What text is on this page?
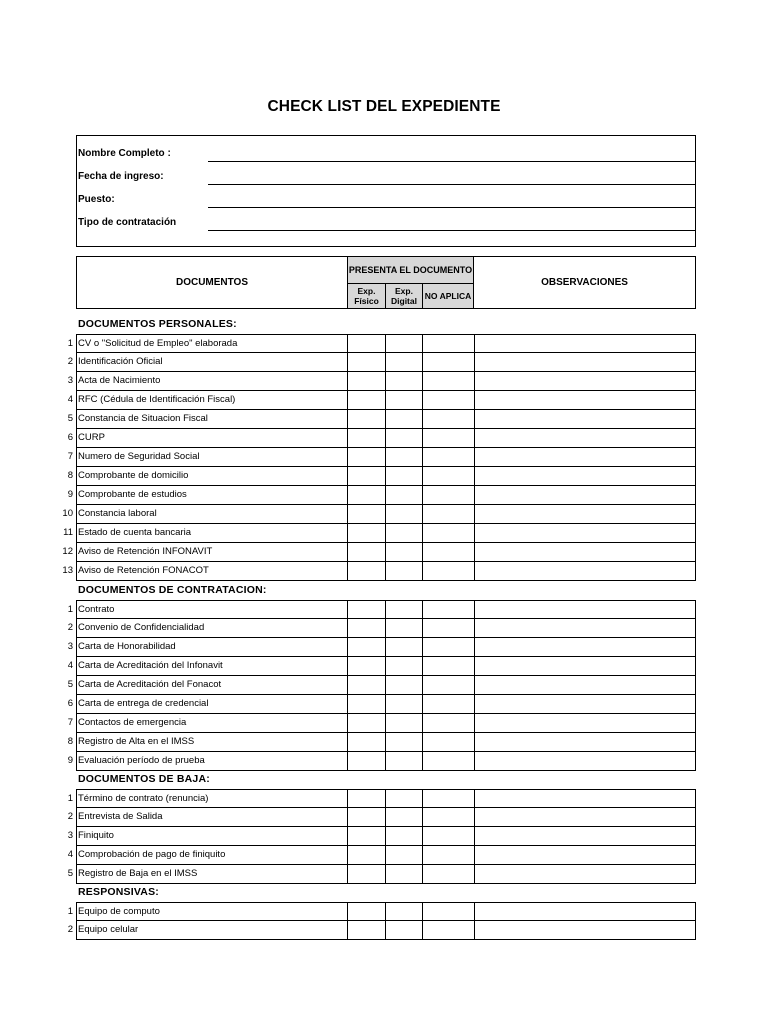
CHECK LIST DEL EXPEDIENTE
Nombre Completo :
Fecha de ingreso:
Puesto:
Tipo de contratación
DOCUMENTOS
PRESENTA EL DOCUMENTO
Exp. Físico
Exp. Digital NO APLICA
OBSERVACIONES
DOCUMENTOS PERSONALES:
1 CV o "Solicitud de Empleo" elaborada
2 Identificación Oficial
3 Acta de Nacimiento
4 RFC (Cédula de Identificación Fiscal)
5 Constancia de Situacion Fiscal
6 CURP
7 Numero de Seguridad Social
8 Comprobante de domicilio
9 Comprobante de estudios
10 Constancia laboral
11 Estado de cuenta bancaria
12 Aviso de Retención INFONAVIT
13 Aviso de Retención FONACOT
DOCUMENTOS DE CONTRATACION:
1 Contrato
2 Convenio de Confidencialidad
3 Carta de Honorabilidad
4 Carta de Acreditación del Infonavit
5 Carta de Acreditación del Fonacot
6 Carta de entrega de credencial
7 Contactos de emergencia
8 Registro de Alta en el IMSS
9 Evaluación período de prueba
DOCUMENTOS DE BAJA:
1 Término de contrato (renuncia)
2 Entrevista de Salida
3 Finiquito
4 Comprobación de pago de finiquito
5 Registro de Baja en el IMSS
RESPONSIVAS:
1 Equipo de computo
2 Equipo celular
